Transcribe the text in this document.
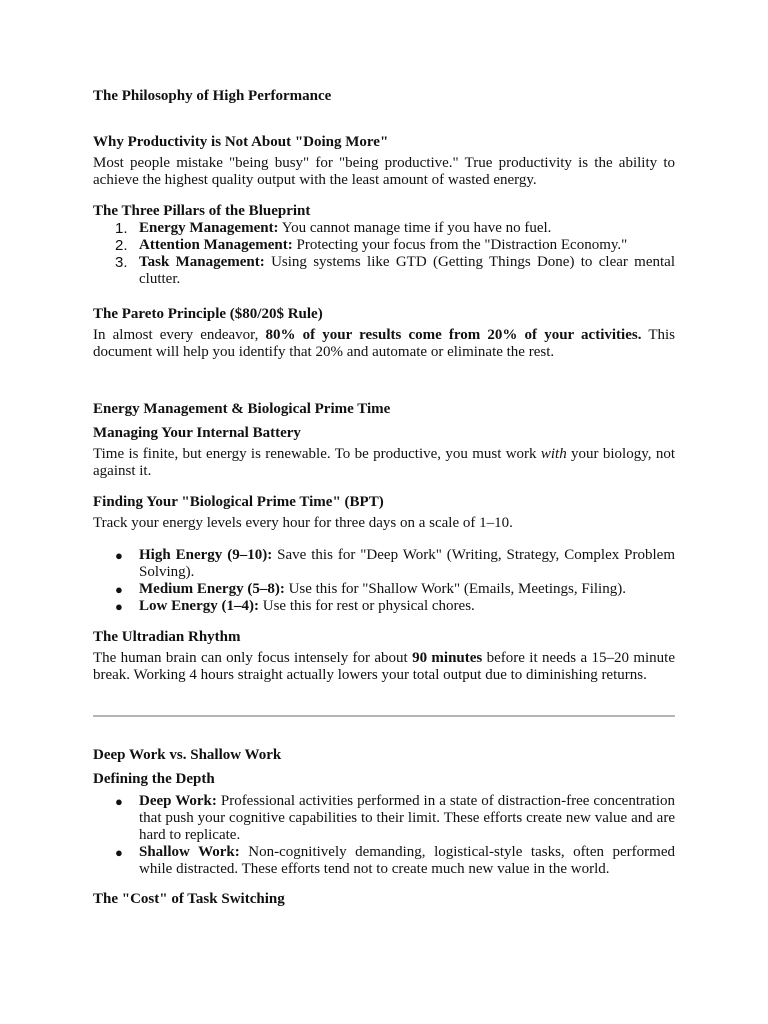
The Philosophy of High Performance
Why Productivity is Not About "Doing More"

Most people mistake "being busy" for "being productive." True productivity is the ability to achieve the highest quality output with the least amount of wasted energy.

The Three Pillars of the Blueprint
1. Energy Management: You cannot manage time if you have no fuel.
2. Attention Management: Protecting your focus from the "Distraction Economy."
3. Task Management: Using systems like GTD (Getting Things Done) to clear mental clutter.
The Pareto Principle ($80/20$ Rule)

In almost every endeavor, 80% of your results come from 20% of your activities. This document will help you identify that 20% and automate or eliminate the rest.

Energy Management & Biological Prime Time
Managing Your Internal Battery

Time is finite, but energy is renewable. To be productive, you must work with your biology, not against it.

Finding Your "Biological Prime Time" (BPT)

Track your energy levels every hour for three days on a scale of 1–10.

● High Energy (9–10): Save this for "Deep Work" (Writing, Strategy, Complex Problem Solving).
● Medium Energy (5–8): Use this for "Shallow Work" (Emails, Meetings, Filing).
● Low Energy (1–4): Use this for rest or physical chores.
The Ultradian Rhythm

The human brain can only focus intensely for about 90 minutes before it needs a 15–20 minute break. Working 4 hours straight actually lowers your total output due to diminishing returns.

Deep Work vs. Shallow Work
Defining the Depth
● Deep Work: Professional activities performed in a state of distraction-free concentration that push your cognitive capabilities to their limit. These efforts create new value and are hard to replicate.
● Shallow Work: Non-cognitively demanding, logistical-style tasks, often performed while distracted. These efforts tend not to create much new value in the world.
The "Cost" of Task Switching
